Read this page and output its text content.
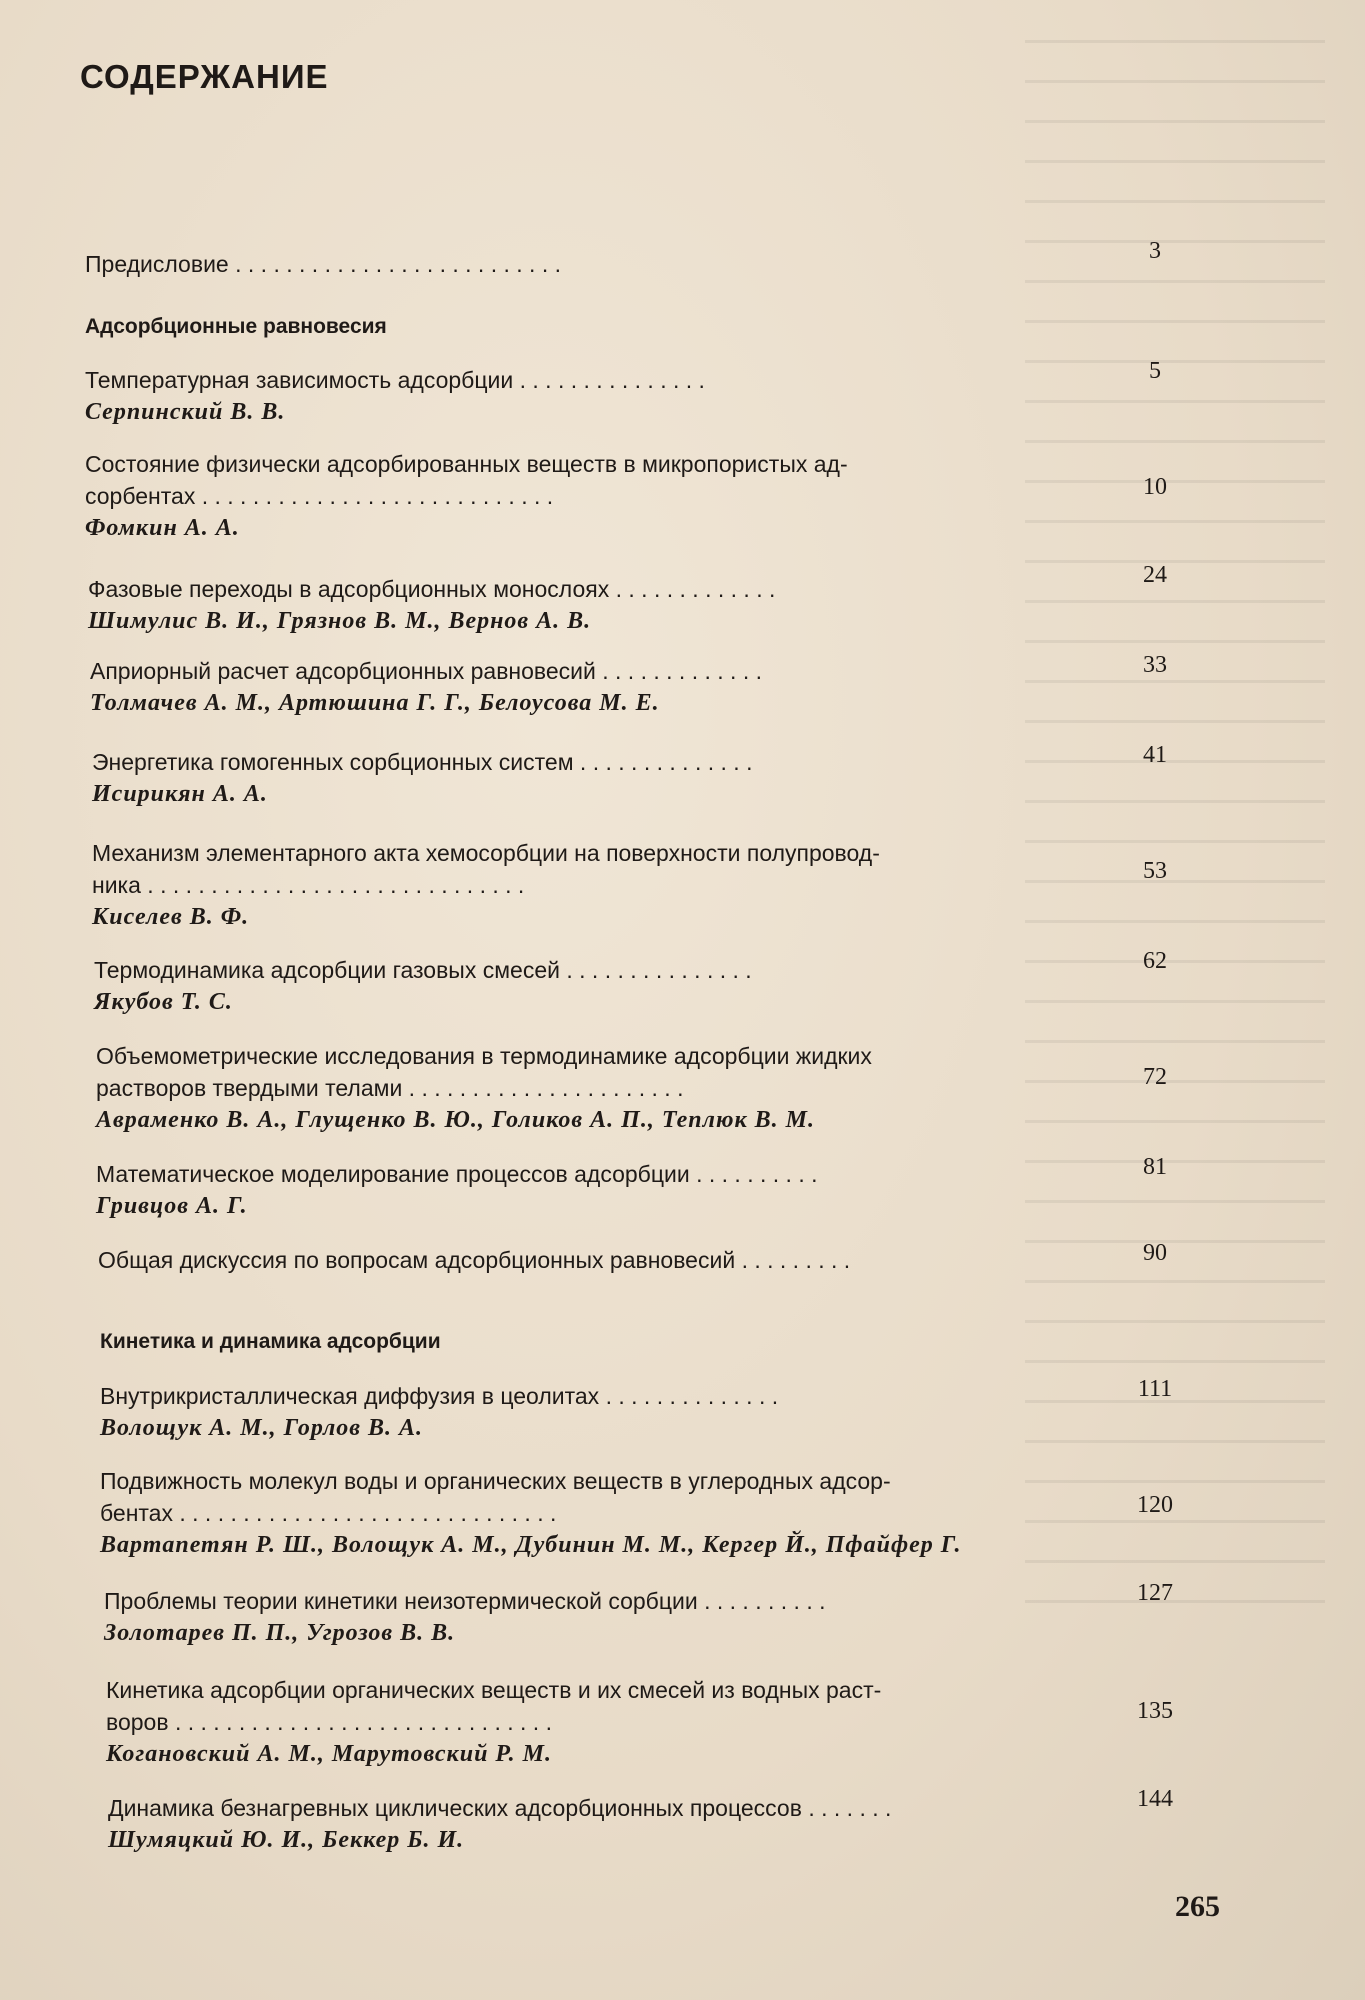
СОДЕРЖАНИЕ
Предисловие . . . . . . . . . . . . . . . . . . . . . . . . . .	3
Адсорбционные равновесия
Температурная зависимость адсорбции . . . . . . . . . . . . . . .
Серпинский В. В.
5
Состояние физически адсорбированных веществ в микропористых ад-
сорбентах . . . . . . . . . . . . . . . . . . . . . . . . . . . .
Фомкин А. А.
10
Фазовые переходы в адсорбционных монослоях . . . . . . . . . . . . .
Шимулис В. И., Грязнов В. М., Вернов А. В.
24
Априорный расчет адсорбционных равновесий . . . . . . . . . . . . .
Толмачев А. М., Артюшина Г. Г., Белоусова М. Е.
33
Энергетика гомогенных сорбционных систем . . . . . . . . . . . . . .
Исирикян А. А.
41
Механизм элементарного акта хемосорбции на поверхности полупровод-
ника . . . . . . . . . . . . . . . . . . . . . . . . . . . . . .
Киселев В. Ф.
53
Термодинамика адсорбции газовых смесей . . . . . . . . . . . . . . .
Якубов Т. С.
62
Объемометрические исследования в термодинамике адсорбции жидких
растворов твердыми телами . . . . . . . . . . . . . . . . . . . . . .
Авраменко В. А., Глущенко В. Ю., Голиков А. П., Теплюк В. М.
72
Математическое моделирование процессов адсорбции . . . . . . . . . .
Гривцов А. Г.
81
Общая дискуссия по вопросам адсорбционных равновесий . . . . . . . . .	90
Кинетика и динамика адсорбции
Внутрикристаллическая диффузия в цеолитах . . . . . . . . . . . . . .
Волощук А. М., Горлов В. А.
111
Подвижность молекул воды и органических веществ в углеродных адсор-
бентах . . . . . . . . . . . . . . . . . . . . . . . . . . . . . .
Вартапетян Р. Ш., Волощук А. М., Дубинин М. М., Кергер Й., Пфайфер Г.
120
Проблемы теории кинетики неизотермической сорбции . . . . . . . . . .
Золотарев П. П., Угрозов В. В.
127
Кинетика адсорбции органических веществ и их смесей из водных раст-
воров . . . . . . . . . . . . . . . . . . . . . . . . . . . . . .
Когановский А. М., Марутовский Р. М.
135
Динамика безнагревных циклических адсорбционных процессов . . . . . . .
Шумяцкий Ю. И., Беккер Б. И.
144
265
